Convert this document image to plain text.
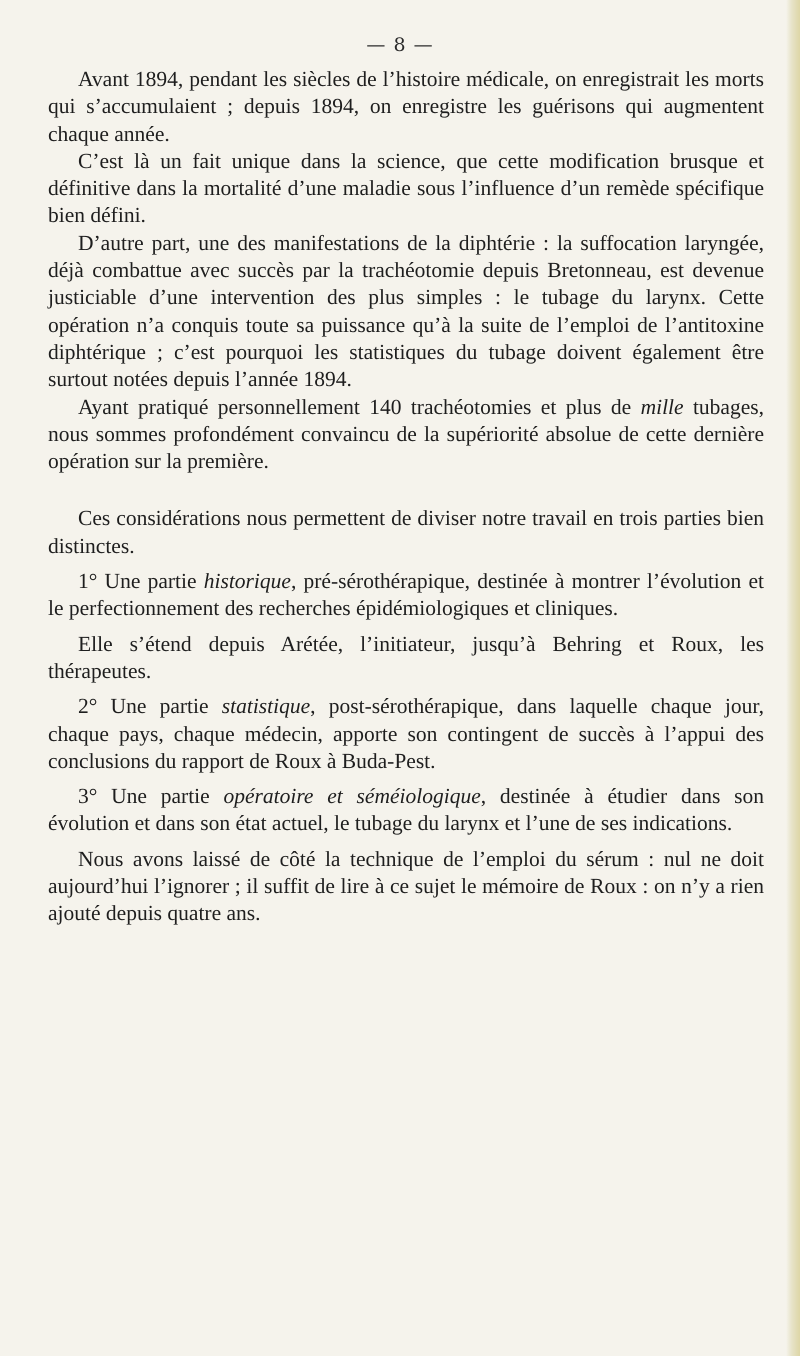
— 8 —

Avant 1894, pendant les siècles de l’histoire médicale, on enregistrait les morts qui s’accumulaient ; depuis 1894, on enregistre les guérisons qui augmentent chaque année.

C’est là un fait unique dans la science, que cette modification brusque et définitive dans la mortalité d’une maladie sous l’influence d’un remède spécifique bien défini.

D’autre part, une des manifestations de la diphtérie : la suffocation laryngée, déjà combattue avec succès par la trachéotomie depuis Bretonneau, est devenue justiciable d’une intervention des plus simples : le tubage du larynx. Cette opération n’a conquis toute sa puissance qu’à la suite de l’emploi de l’antitoxine diphtérique ; c’est pourquoi les statistiques du tubage doivent également être surtout notées depuis l’année 1894.

Ayant pratiqué personnellement 140 trachéotomies et plus de mille tubages, nous sommes profondément convaincu de la supériorité absolue de cette dernière opération sur la première.

Ces considérations nous permettent de diviser notre travail en trois parties bien distinctes.

1° Une partie historique, pré-sérothérapique, destinée à montrer l’évolution et le perfectionnement des recherches épidémiologiques et cliniques.

Elle s’étend depuis Arétée, l’initiateur, jusqu’à Behring et Roux, les thérapeutes.

2° Une partie statistique, post-sérothérapique, dans laquelle chaque jour, chaque pays, chaque médecin, apporte son contingent de succès à l’appui des conclusions du rapport de Roux à Buda-Pest.

3° Une partie opératoire et séméiologique, destinée à étudier dans son évolution et dans son état actuel, le tubage du larynx et l’une de ses indications.

Nous avons laissé de côté la technique de l’emploi du sérum : nul ne doit aujourd’hui l’ignorer ; il suffit de lire à ce sujet le mémoire de Roux : on n’y a rien ajouté depuis quatre ans.
